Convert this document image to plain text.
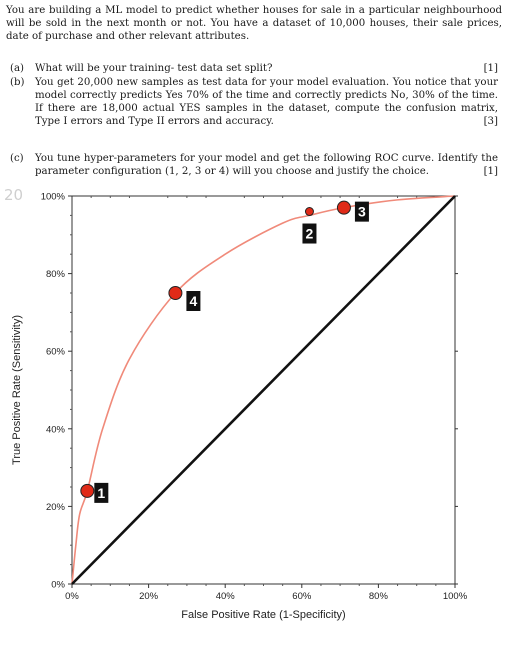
You are building a ML model to predict whether houses for sale in a particular neighbourhood will be sold in the next month or not. You have a dataset of 10,000 houses, their sale prices, date of purchase and other relevant attributes.
(a)	[1]
What will be your training- test data set split?
(b) You get 20,000 new samples as test data for your model evaluation. You notice that your model correctly predicts Yes 70% of the time and correctly predicts No, 30% of the time. If there are 18,000 actual YES samples in the dataset, compute the confusion matrix, Type I errors and Type II errors and accuracy.	[3]
(c) You tune hyper-parameters for your model and get the following ROC curve. Identify the parameter configuration (1, 2, 3 or 4) will you choose and justify the choice.	[1]
20
0%	20%	40%	60%	80%	100%
0%
20%
40%
60%
80%
100%
False Positive Rate (1-Specificity)
True Positive Rate (Sensitivity)
1
2
3
4
